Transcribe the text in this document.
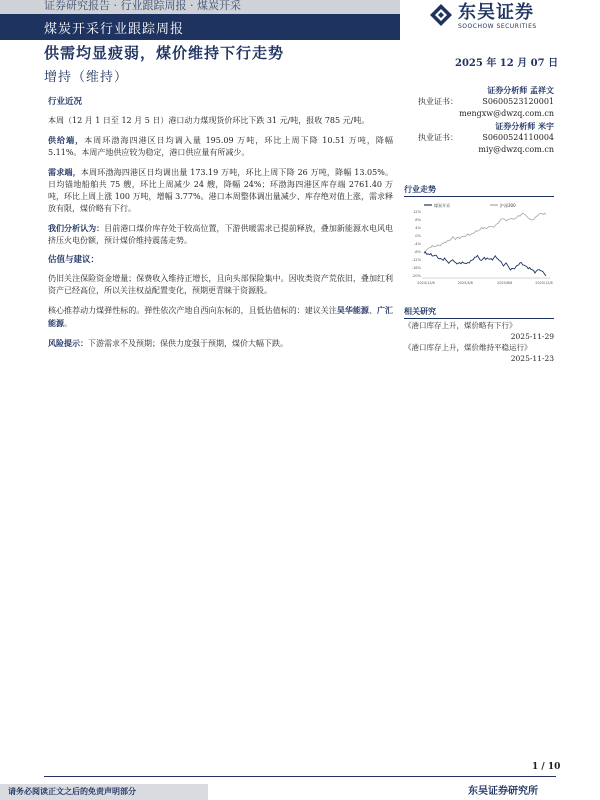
证券研究报告 · 行业跟踪周报 · 煤炭开采
煤炭开采行业跟踪周报
东吴证券
SOOCHOW SECURITIES
供需均显疲弱，煤价维持下行走势
增持（维持）
2025 年 12 月 07 日
行业近况

本周（12 月 1 日至 12 月 5 日）港口动力煤现货价环比下跌 31 元/吨，报收 785 元/吨。

供给端，本周环渤海四港区日均调入量 195.09 万吨，环比上周下降 10.51 万吨，降幅 5.11%。本周产地供应较为稳定，港口供应量有所减少。

需求端，本周环渤海四港区日均调出量 173.19 万吨，环比上周下降 26 万吨，降幅 13.05%。日均锚地船舶共 75 艘，环比上周减少 24 艘，降幅 24%；环渤海四港区库存端 2761.40 万吨，环比上周上涨 100 万吨，增幅 3.77%。港口本周整体调出量减少、库存绝对值上涨，需求释放有限，煤价略有下行。

我们分析认为：目前港口煤价库存处于较高位置，下游供暖需求已提前释放，叠加新能源水电风电挤压火电份额，预计煤价维持震荡走势。

估值与建议：

仍旧关注保险资金增量；保费收入维持正增长，且向头部保险集中。因收类资产荒依旧，叠加红利资产已经高位，所以关注权益配置变化，预期更青睐于资源股。

核心推荐动力煤弹性标的。弹性依次产地自西向东标的，且低估值标的：建议关注昊华能源、广汇能源。

风险提示：下游需求不及预期；保供力度强于预期，煤价大幅下跌。

证券分析师 孟祥文
执业证书：	S0600523120001
mengxw@dwzq.com.cn
证券分析师 米宇
执业证书：	S0600524110004
miy@dwzq.com.cn
行业走势
煤炭开采	沪深300
12%
8%
4%
0%
-4%
-8%
-12%
-16%
-20%
2024/12/6	2025/4/6	2025/8/6	2025/12/6
相关研究
《港口库存上升，煤价略有下行》
2025-11-29
《港口库存上升，煤价维持平稳运行》
2025-11-23
1 / 10
请务必阅读正文之后的免责声明部分	东吴证券研究所
